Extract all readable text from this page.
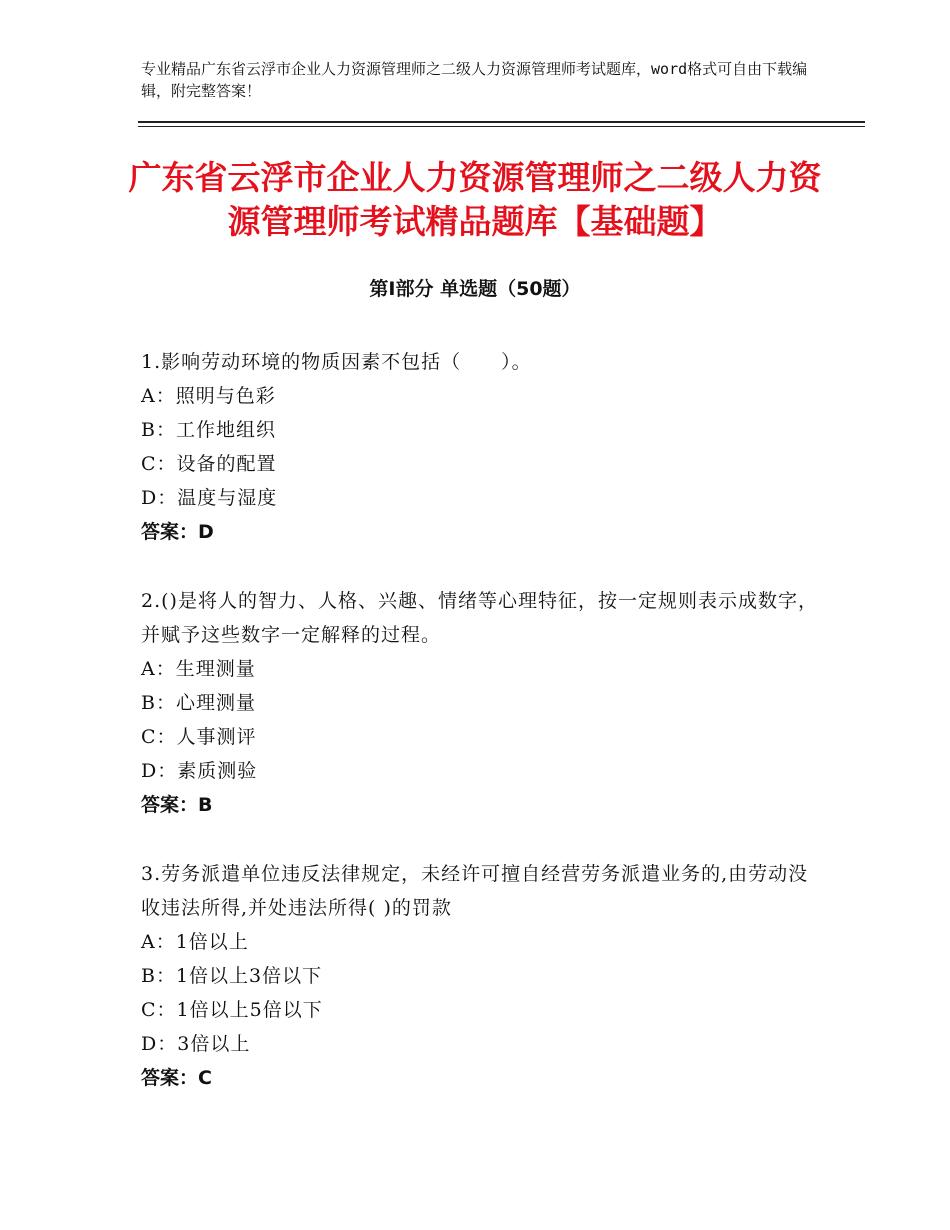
专业精品广东省云浮市企业人力资源管理师之二级人力资源管理师考试题库，word格式可自由下载编辑，附完整答案！
广东省云浮市企业人力资源管理师之二级人力资源管理师考试精品题库【基础题】
第Ⅰ部分 单选题（50题）

1.影响劳动环境的物质因素不包括（　　）。

A：照明与色彩

B：工作地组织

C：设备的配置

D：温度与湿度

答案：D

2.()是将人的智力、人格、兴趣、情绪等心理特征，按一定规则表示成数字，并赋予这些数字一定解释的过程。

A：生理测量

B：心理测量

C：人事测评

D：素质测验

答案：B

3.劳务派遣单位违反法律规定，未经许可擅自经营劳务派遣业务的,由劳动没收违法所得,并处违法所得( )的罚款

A：1倍以上

B：1倍以上3倍以下

C：1倍以上5倍以下

D：3倍以上

答案：C
